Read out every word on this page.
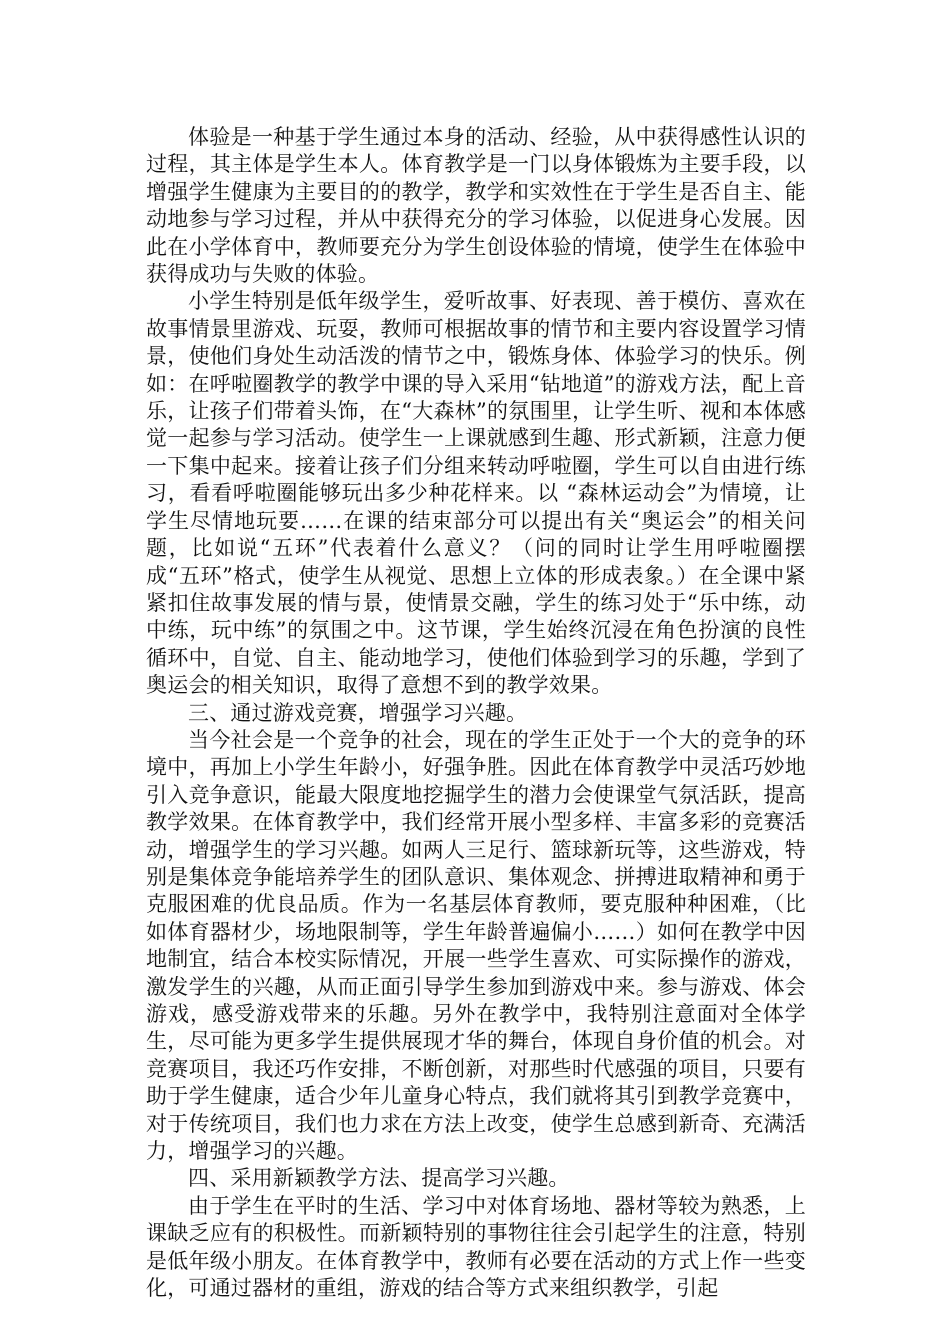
体验是一种基于学生通过本身的活动、经验，从中获得感性认识的过程，其主体是学生本人。体育教学是一门以身体锻炼为主要手段，以增强学生健康为主要目的的教学，教学和实效性在于学生是否自主、能动地参与学习过程，并从中获得充分的学习体验，以促进身心发展。因此在小学体育中，教师要充分为学生创设体验的情境，使学生在体验中获得成功与失败的体验。

小学生特别是低年级学生，爱听故事、好表现、善于模仿、喜欢在故事情景里游戏、玩耍，教师可根据故事的情节和主要内容设置学习情景，使他们身处生动活泼的情节之中，锻炼身体、体验学习的快乐。例如：在呼啦圈教学的教学中课的导入采用“钻地道”的游戏方法，配上音乐，让孩子们带着头饰，在“大森林”的氛围里，让学生听、视和本体感觉一起参与学习活动。使学生一上课就感到生趣、形式新颖，注意力便一下集中起来。接着让孩子们分组来转动呼啦圈，学生可以自由进行练习，看看呼啦圈能够玩出多少种花样来。以 “森林运动会”为情境，让学生尽情地玩要……在课的结束部分可以提出有关“奥运会”的相关问题，比如说“五环”代表着什么意义？（问的同时让学生用呼啦圈摆成“五环”格式，使学生从视觉、思想上立体的形成表象。）在全课中紧紧扣住故事发展的情与景，使情景交融，学生的练习处于“乐中练，动中练，玩中练”的氛围之中。这节课，学生始终沉浸在角色扮演的良性循环中，自觉、自主、能动地学习，使他们体验到学习的乐趣，学到了奥运会的相关知识，取得了意想不到的教学效果。

三、通过游戏竞赛，增强学习兴趣。

当今社会是一个竞争的社会，现在的学生正处于一个大的竞争的环境中，再加上小学生年龄小，好强争胜。因此在体育教学中灵活巧妙地引入竞争意识，能最大限度地挖掘学生的潜力会使课堂气氛活跃，提高教学效果。在体育教学中，我们经常开展小型多样、丰富多彩的竞赛活动，增强学生的学习兴趣。如两人三足行、篮球新玩等，这些游戏，特别是集体竞争能培养学生的团队意识、集体观念、拼搏进取精神和勇于克服困难的优良品质。作为一名基层体育教师，要克服种种困难，（比如体育器材少，场地限制等，学生年龄普遍偏小……）如何在教学中因地制宜，结合本校实际情况，开展一些学生喜欢、可实际操作的游戏，激发学生的兴趣，从而正面引导学生参加到游戏中来。参与游戏、体会游戏，感受游戏带来的乐趣。另外在教学中，我特别注意面对全体学生，尽可能为更多学生提供展现才华的舞台，体现自身价值的机会。对竞赛项目，我还巧作安排，不断创新，对那些时代感强的项目，只要有助于学生健康，适合少年儿童身心特点，我们就将其引到教学竞赛中，对于传统项目，我们也力求在方法上改变，使学生总感到新奇、充满活力，增强学习的兴趣。

四、采用新颖教学方法、提高学习兴趣。

由于学生在平时的生活、学习中对体育场地、器材等较为熟悉，上课缺乏应有的积极性。而新颖特别的事物往往会引起学生的注意，特别是低年级小朋友。在体育教学中，教师有必要在活动的方式上作一些变化，可通过器材的重组，游戏的结合等方式来组织教学，引起
